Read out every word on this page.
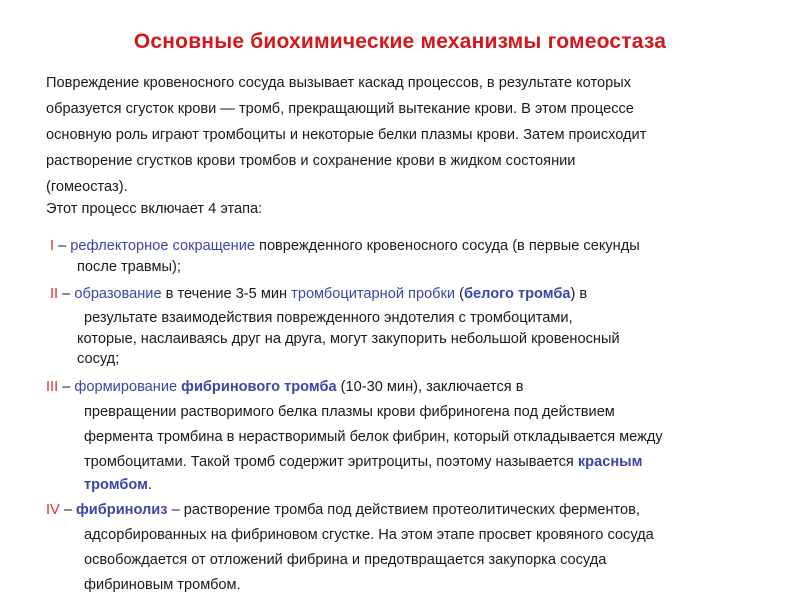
Основные биохимические механизмы гомеостаза
Повреждение кровеносного сосуда вызывает каскад процессов, в результате которых
образуется сгусток крови — тромб, прекращающий вытекание крови. В этом процессе
основную роль играют тромбоциты и некоторые белки плазмы крови. Затем происходит
растворение сгустков крови тромбов и сохранение крови в жидком состоянии
(гомеостаз).
Этот процесс включает 4 этапа:
I – рефлекторное сокращение поврежденного кровеносного сосуда (в первые секунды
после травмы);
II – образование в течение 3-5 мин тромбоцитарной пробки (белого тромба) в
результате взаимодействия поврежденного эндотелия с тромбоцитами,
которые, наслаиваясь друг на друга, могут закупорить небольшой кровеносный
сосуд;
III – формирование фибринового тромба (10-30 мин), заключается в
превращении растворимого белка плазмы крови фибриногена под действием
фермента тромбина в нерастворимый белок фибрин, который откладывается между
тромбоцитами. Такой тромб содержит эритроциты, поэтому называется красным
тромбом.
IV – фибринолиз – растворение тромба под действием протеолитических ферментов,
адсорбированных на фибриновом сгустке. На этом этапе просвет кровяного сосуда
освобождается от отложений фибрина и предотвращается закупорка сосуда
фибриновым тромбом.
